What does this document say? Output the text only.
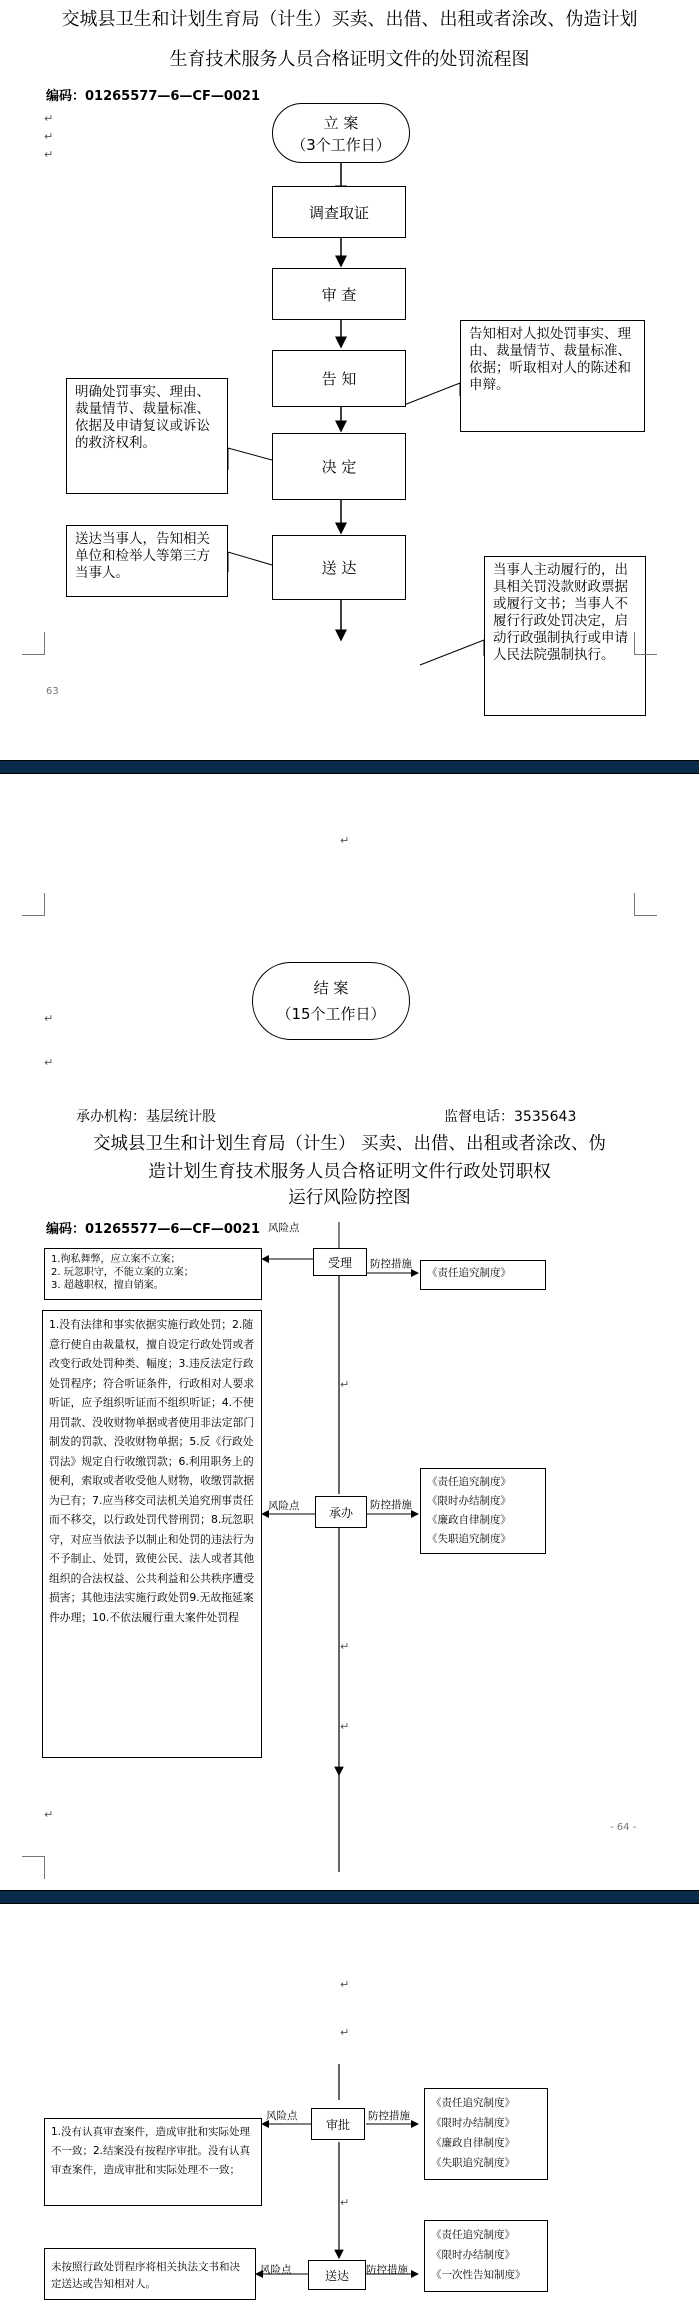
交城县卫生和计划生育局（计生）买卖、出借、出租或者涂改、伪造计划
生育技术服务人员合格证明文件的处罚流程图
编码：01265577—6—CF—0021
↵
↵
↵
立 案
（3个工作日）
调查取证
审 查
告 知
决 定
送 达
告知相对人拟处罚事实、理由、裁量情节、裁量标准、依据；听取相对人的陈述和申辩。
明确处罚事实、理由、裁量情节、裁量标准、依据及申请复议或诉讼的救济权利。
送达当事人，告知相关单位和检举人等第三方当事人。	当事人主动履行的，出具相关罚没款财政票据或履行文书；当事人不履行行政处罚决定，启动行政强制执行或申请人民法院强制执行。
63
↵
结 案
（15个工作日）
↵
↵
承办机构：基层统计股	监督电话：3535643
交城县卫生和计划生育局（计生） 买卖、出借、出租或者涂改、伪
造计划生育技术服务人员合格证明文件行政处罚职权
运行风险防控图
编码：01265577—6—CF—0021
1.徇私舞弊，应立案不立案；
2. 玩忽职守，不能立案的立案；
3. 超越职权，擅自销案。
风险点
受理	防控措施
《责任追究制度》
1.没有法律和事实依据实施行政处罚；2.随意行使自由裁量权，擅自设定行政处罚或者改变行政处罚种类、幅度；3.违反法定行政处罚程序；符合听证条件，行政相对人要求听证，应予组织听证而不组织听证；4.不使用罚款、没收财物单据或者使用非法定部门制发的罚款、没收财物单据；5.反《行政处罚法》规定自行收缴罚款；6.利用职务上的便利，索取或者收受他人财物，收缴罚款据为已有；7.应当移交司法机关追究刑事责任而不移交，以行政处罚代替刑罚；8.玩忽职守，对应当依法予以制止和处罚的违法行为不予制止、处罚，致使公民、法人或者其他组织的合法权益、公共利益和公共秩序遭受损害；其他违法实施行政处罚9.无故拖延案件办理；10.不依法履行重大案件处罚程
风险点	承办
防控措施
《责任追究制度》
《限时办结制度》
《廉政自律制度》
《失职追究制度》
↵
↵
↵
↵
- 64 -
↵
↵
1.没有认真审查案件，造成审批和实际处理不一致；2.结案没有按程序审批。没有认真审查案件，造成审批和实际处理不一致；
风险点
审批
防控措施
《责任追究制度》
《限时办结制度》
《廉政自律制度》
《失职追究制度》
↵
未按照行政处罚程序将相关执法文书和决定送达或告知相对人。
风险点	送达	防控措施
《责任追究制度》
《限时办结制度》
《一次性告知制度》
